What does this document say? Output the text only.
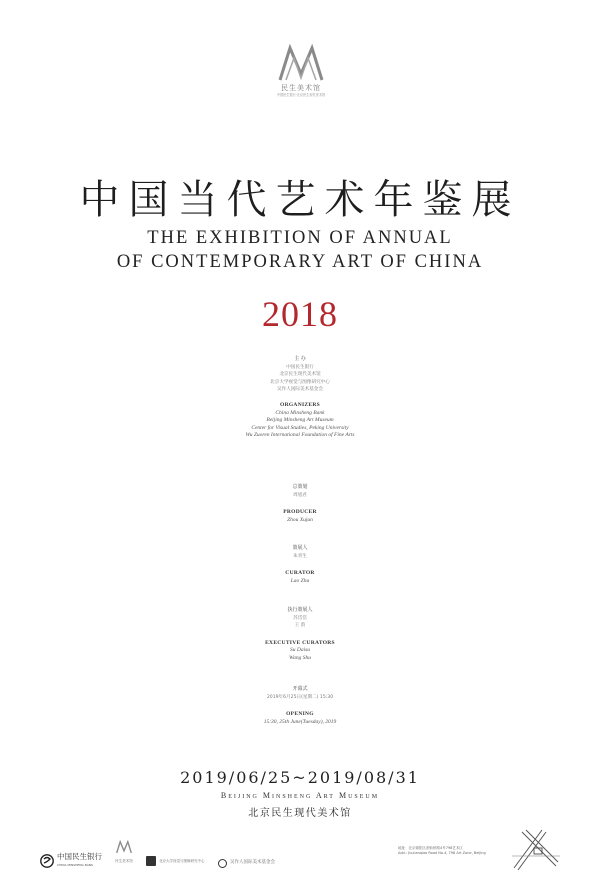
民生美术馆
中国民生银行·北京民生现代美术馆
中国当代艺术年鉴展
THE EXHIBITION OF ANNUAL
OF CONTEMPORARY ART OF CHINA
2018
主 办
中国民生银行
北京民生现代美术馆
北京大学视觉与图像研究中心
吴作人国际美术基金会
ORGANIZERS
China Minsheng Bank
Beijing Minsheng Art Museum
Center for Visual Studies, Peking University
Wu Zuoren International Foundation of Fine Arts
总策划
周旭君
PRODUCER
Zhou Xujun
策展人
朱青生
CURATOR
Lao Zhu
执行策展人
苏岱岱
王 韵
EXECUTIVE CURATORS
Su Daisu
Wang Shu
开幕式
2019年6月25日(星期二) 15:30
OPENING
15:30, 25th June(Tuesday), 2019
2019/06/25~2019/08/31
Beijing Minsheng Art Museum
北京民生现代美术馆
中国民生银行
CHINA MINSHENG BANK
民生美术馆	北京大学视觉与图像研究中心	吴作人国际美术基金会
地址：北京朝阳区酒仙桥路4号798艺术区
Add.: Jiuxianqiao Road No.4, 798 Art Zone, Beijing
